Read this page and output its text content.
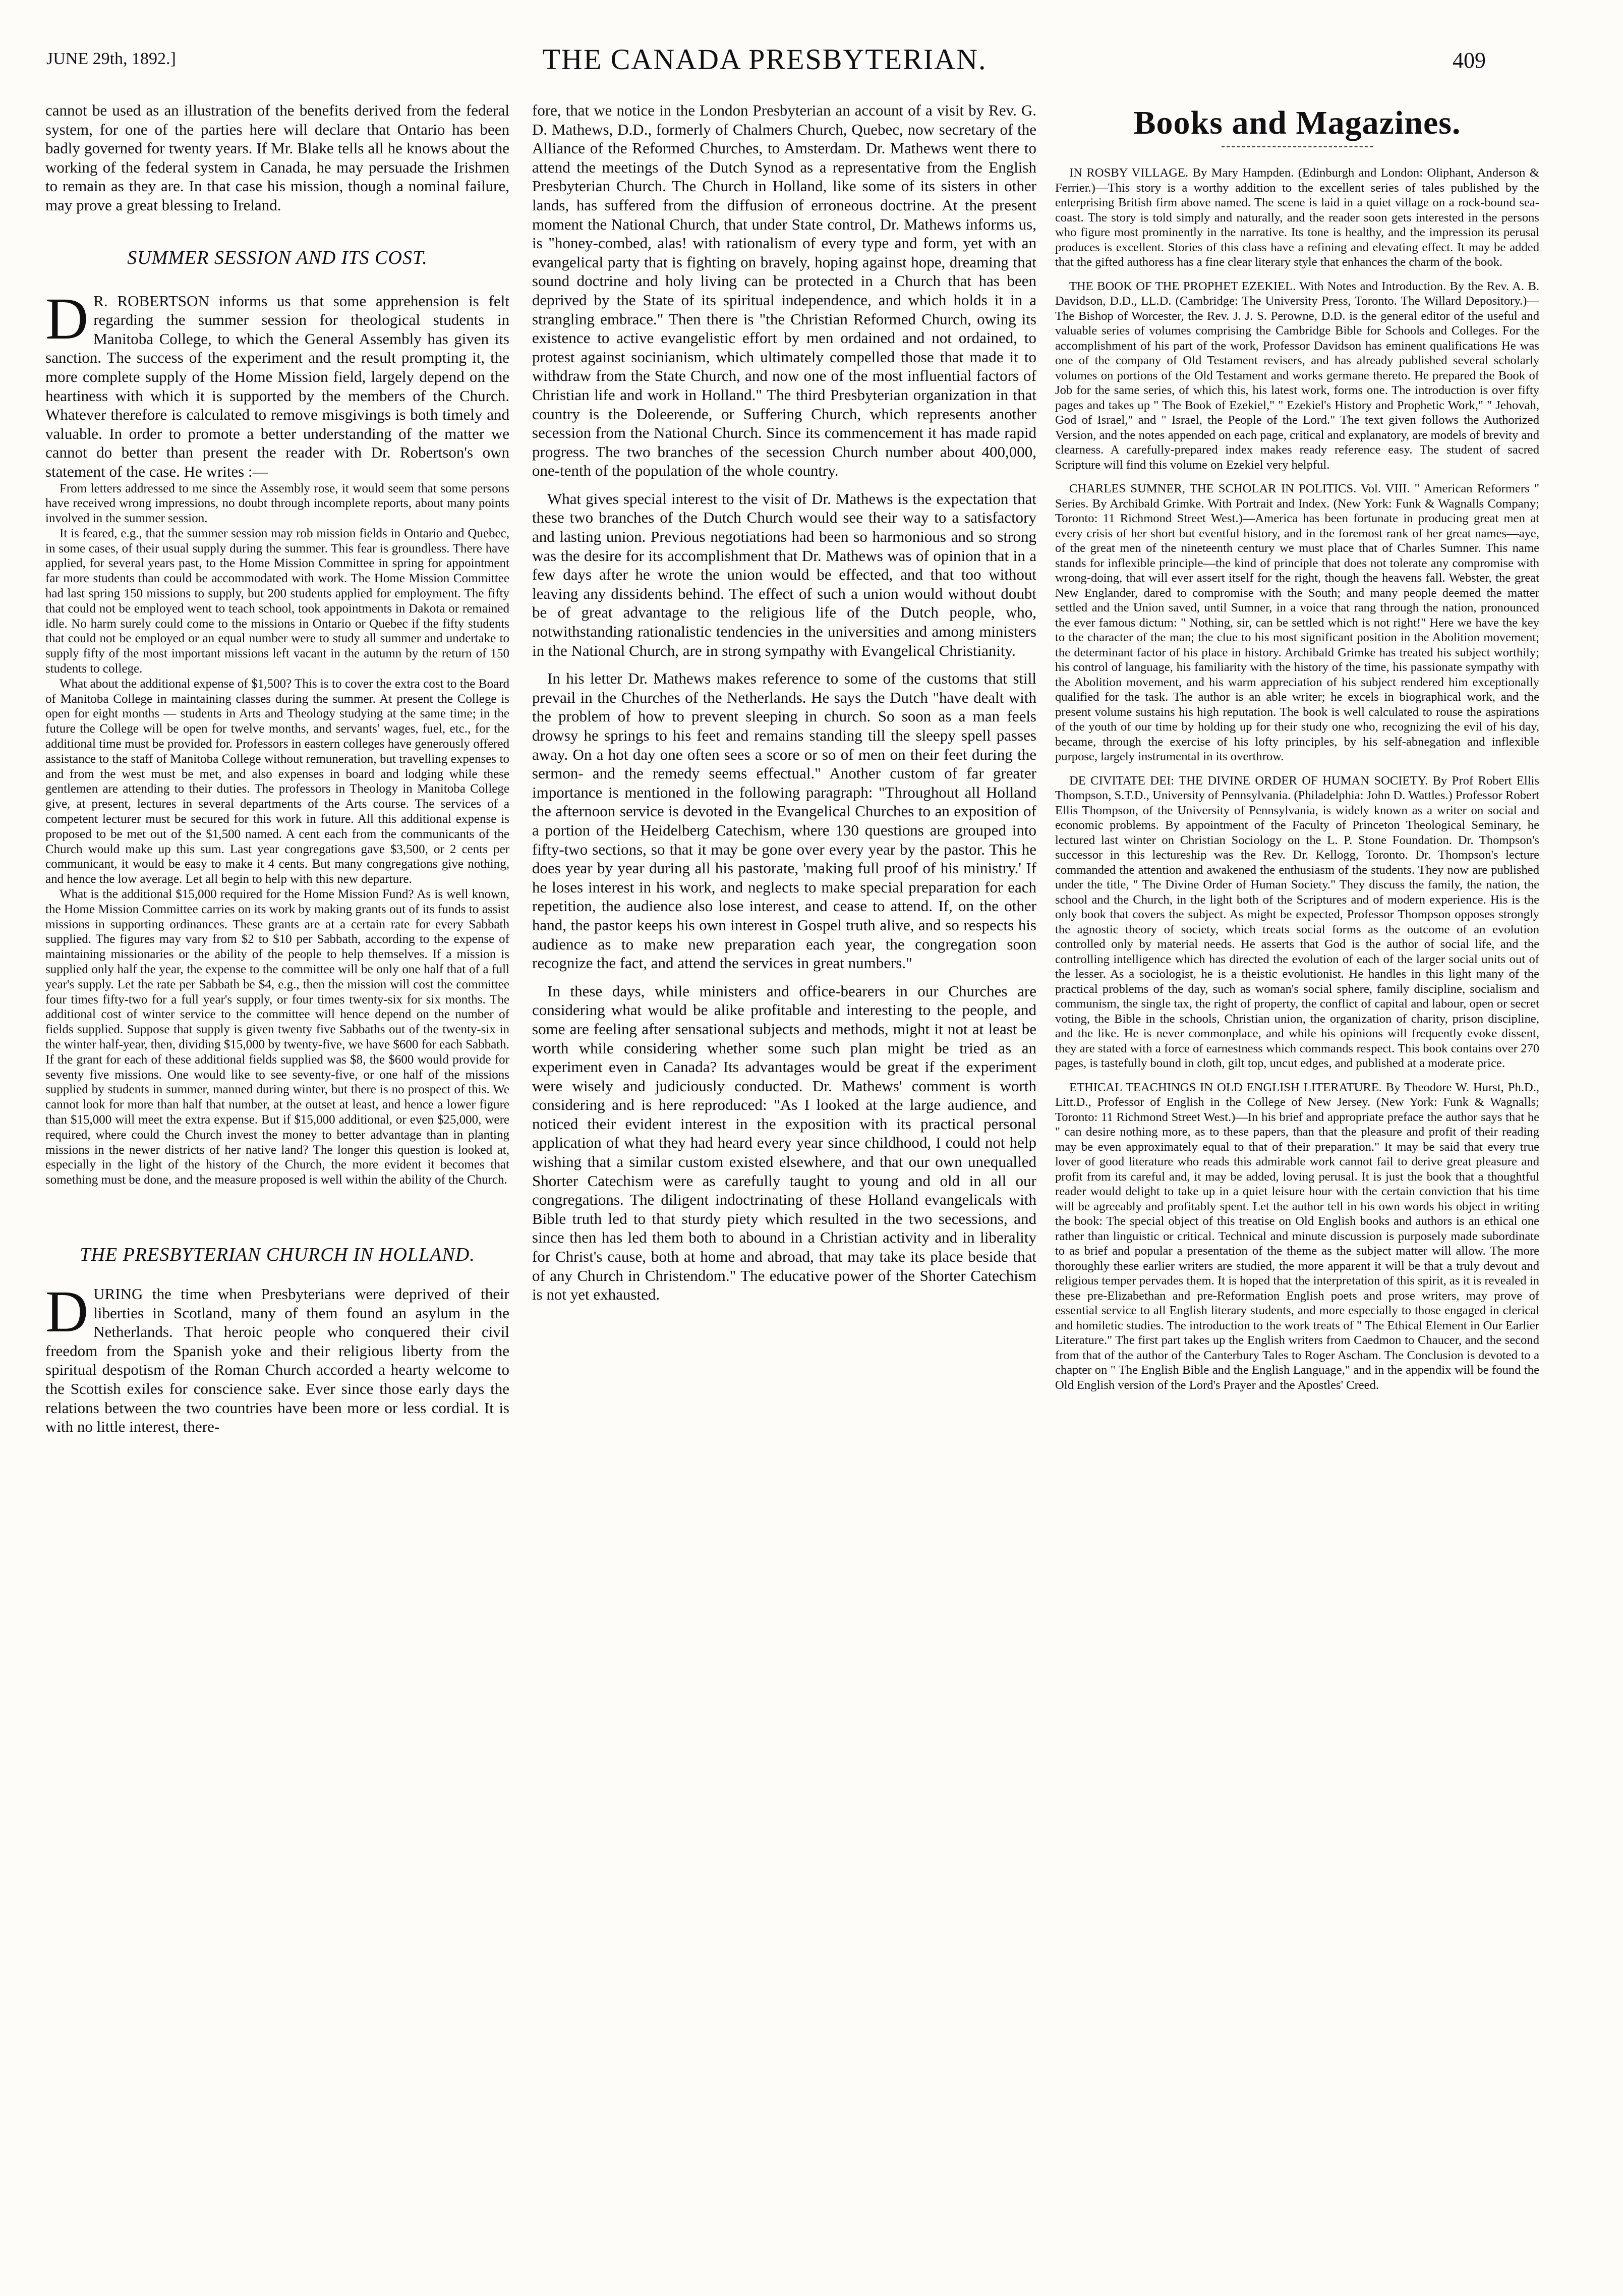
JUNE 29th, 1892.]	THE CANADA PRESBYTERIAN.	409

cannot be used as an illustration of the benefits derived from the federal system, for one of the parties here will declare that Ontario has been badly governed for twenty years. If Mr. Blake tells all he knows about the working of the federal system in Canada, he may persuade the Irishmen to remain as they are. In that case his mission, though a nominal failure, may prove a great blessing to Ireland.

SUMMER SESSION AND ITS COST.

D R. ROBERTSON informs us that some apprehension is felt regarding the summer session for theological students in Manitoba College, to which the General Assembly has given its sanction. The success of the experiment and the result prompting it, the more complete supply of the Home Mission field, largely depend on the heartiness with which it is supported by the members of the Church. Whatever therefore is calculated to remove misgivings is both timely and valuable. In order to promote a better understanding of the matter we cannot do better than present the reader with Dr. Robertson's own statement of the case. He writes :—

From letters addressed to me since the Assembly rose, it would seem that some persons have received wrong impressions, no doubt through incomplete reports, about many points involved in the summer session.

It is feared, e.g., that the summer session may rob mission fields in Ontario and Quebec, in some cases, of their usual supply during the summer. This fear is groundless. There have applied, for several years past, to the Home Mission Committee in spring for appointment far more students than could be accommodated with work. The Home Mission Committee had last spring 150 missions to supply, but 200 students applied for employment. The fifty that could not be employed went to teach school, took appointments in Dakota or remained idle. No harm surely could come to the missions in Ontario or Quebec if the fifty students that could not be employed or an equal number were to study all summer and undertake to supply fifty of the most important missions left vacant in the autumn by the return of 150 students to college.

What about the additional expense of $1,500? This is to cover the extra cost to the Board of Manitoba College in maintaining classes during the summer. At present the College is open for eight months — students in Arts and Theology studying at the same time; in the future the College will be open for twelve months, and servants' wages, fuel, etc., for the additional time must be provided for. Professors in eastern colleges have generously offered assistance to the staff of Manitoba College without remuneration, but travelling expenses to and from the west must be met, and also expenses in board and lodging while these gentlemen are attending to their duties. The professors in Theology in Manitoba College give, at present, lectures in several departments of the Arts course. The services of a competent lecturer must be secured for this work in future. All this additional expense is proposed to be met out of the $1,500 named. A cent each from the communicants of the Church would make up this sum. Last year congregations gave $3,500, or 2 cents per communicant, it would be easy to make it 4 cents. But many congregations give nothing, and hence the low average. Let all begin to help with this new departure.

What is the additional $15,000 required for the Home Mission Fund? As is well known, the Home Mission Committee carries on its work by making grants out of its funds to assist missions in supporting ordinances. These grants are at a certain rate for every Sabbath supplied. The figures may vary from $2 to $10 per Sabbath, according to the expense of maintaining missionaries or the ability of the people to help themselves. If a mission is supplied only half the year, the expense to the committee will be only one half that of a full year's supply. Let the rate per Sabbath be $4, e.g., then the mission will cost the committee four times fifty-two for a full year's supply, or four times twenty-six for six months. The additional cost of winter service to the committee will hence depend on the number of fields supplied. Suppose that supply is given twenty five Sabbaths out of the twenty-six in the winter half-year, then, dividing $15,000 by twenty-five, we have $600 for each Sabbath. If the grant for each of these additional fields supplied was $8, the $600 would provide for seventy five missions. One would like to see seventy-five, or one half of the missions supplied by students in summer, manned during winter, but there is no prospect of this. We cannot look for more than half that number, at the outset at least, and hence a lower figure than $15,000 will meet the extra expense. But if $15,000 additional, or even $25,000, were required, where could the Church invest the money to better advantage than in planting missions in the newer districts of her native land? The longer this question is looked at, especially in the light of the history of the Church, the more evident it becomes that something must be done, and the measure proposed is well within the ability of the Church.

THE PRESBYTERIAN CHURCH IN HOLLAND.

DURING the time when Presbyterians were deprived of their liberties in Scotland, many of them found an asylum in the Netherlands. That heroic people who conquered their civil freedom from the Spanish yoke and their religious liberty from the spiritual despotism of the Roman Church accorded a hearty welcome to the Scottish exiles for conscience sake. Ever since those early days the relations between the two countries have been more or less cordial. It is with no little interest, there-

fore, that we notice in the London Presbyterian an account of a visit by Rev. G. D. Mathews, D.D., formerly of Chalmers Church, Quebec, now secretary of the Alliance of the Reformed Churches, to Amsterdam. Dr. Mathews went there to attend the meetings of the Dutch Synod as a representative from the English Presbyterian Church. The Church in Holland, like some of its sisters in other lands, has suffered from the diffusion of erroneous doctrine. At the present moment the National Church, that under State control, Dr. Mathews informs us, is "honey-combed, alas! with rationalism of every type and form, yet with an evangelical party that is fighting on bravely, hoping against hope, dreaming that sound doctrine and holy living can be protected in a Church that has been deprived by the State of its spiritual independence, and which holds it in a strangling embrace." Then there is "the Christian Reformed Church, owing its existence to active evangelistic effort by men ordained and not ordained, to protest against socinianism, which ultimately compelled those that made it to withdraw from the State Church, and now one of the most influential factors of Christian life and work in Holland." The third Presbyterian organization in that country is the Doleerende, or Suffering Church, which represents another secession from the National Church. Since its commencement it has made rapid progress. The two branches of the secession Church number about 400,000, one-tenth of the population of the whole country.

What gives special interest to the visit of Dr. Mathews is the expectation that these two branches of the Dutch Church would see their way to a satisfactory and lasting union. Previous negotiations had been so harmonious and so strong was the desire for its accomplishment that Dr. Mathews was of opinion that in a few days after he wrote the union would be effected, and that too without leaving any dissidents behind. The effect of such a union would without doubt be of great advantage to the religious life of the Dutch people, who, notwithstanding rationalistic tendencies in the universities and among ministers in the National Church, are in strong sympathy with Evangelical Christianity.

In his letter Dr. Mathews makes reference to some of the customs that still prevail in the Churches of the Netherlands. He says the Dutch "have dealt with the problem of how to prevent sleeping in church. So soon as a man feels drowsy he springs to his feet and remains standing till the sleepy spell passes away. On a hot day one often sees a score or so of men on their feet during the sermon- and the remedy seems effectual." Another custom of far greater importance is mentioned in the following paragraph: "Throughout all Holland the afternoon service is devoted in the Evangelical Churches to an exposition of a portion of the Heidelberg Catechism, where 130 questions are grouped into fifty-two sections, so that it may be gone over every year by the pastor. This he does year by year during all his pastorate, 'making full proof of his ministry.' If he loses interest in his work, and neglects to make special preparation for each repetition, the audience also lose interest, and cease to attend. If, on the other hand, the pastor keeps his own interest in Gospel truth alive, and so respects his audience as to make new preparation each year, the congregation soon recognize the fact, and attend the services in great numbers."

In these days, while ministers and office-bearers in our Churches are considering what would be alike profitable and interesting to the people, and some are feeling after sensational subjects and methods, might it not at least be worth while considering whether some such plan might be tried as an experiment even in Canada? Its advantages would be great if the experiment were wisely and judiciously conducted. Dr. Mathews' comment is worth considering and is here reproduced: "As I looked at the large audience, and noticed their evident interest in the exposition with its practical personal application of what they had heard every year since childhood, I could not help wishing that a similar custom existed elsewhere, and that our own unequalled Shorter Catechism were as carefully taught to young and old in all our congregations. The diligent indoctrinating of these Holland evangelicals with Bible truth led to that sturdy piety which resulted in the two secessions, and since then has led them both to abound in a Christian activity and in liberality for Christ's cause, both at home and abroad, that may take its place beside that of any Church in Christendom." The educative power of the Shorter Catechism is not yet exhausted.

Books and Magazines.

IN ROSBY VILLAGE. By Mary Hampden. (Edinburgh and London: Oliphant, Anderson & Ferrier.)—This story is a worthy addition to the excellent series of tales published by the enterprising British firm above named. The scene is laid in a quiet village on a rock-bound sea-coast. The story is told simply and naturally, and the reader soon gets interested in the persons who figure most prominently in the narrative. Its tone is healthy, and the impression its perusal produces is excellent. Stories of this class have a refining and elevating effect. It may be added that the gifted authoress has a fine clear literary style that enhances the charm of the book.

THE BOOK OF THE PROPHET EZEKIEL. With Notes and Introduction. By the Rev. A. B. Davidson, D.D., LL.D. (Cambridge: The University Press, Toronto. The Willard Depository.)—The Bishop of Worcester, the Rev. J. J. S. Perowne, D.D. is the general editor of the useful and valuable series of volumes comprising the Cambridge Bible for Schools and Colleges. For the accomplishment of his part of the work, Professor Davidson has eminent qualifications He was one of the company of Old Testament revisers, and has already published several scholarly volumes on portions of the Old Testament and works germane thereto. He prepared the Book of Job for the same series, of which this, his latest work, forms one. The introduction is over fifty pages and takes up " The Book of Ezekiel," " Ezekiel's History and Prophetic Work," " Jehovah, God of Israel," and " Israel, the People of the Lord." The text given follows the Authorized Version, and the notes appended on each page, critical and explanatory, are models of brevity and clearness. A carefully-prepared index makes ready reference easy. The student of sacred Scripture will find this volume on Ezekiel very helpful.

CHARLES SUMNER, THE SCHOLAR IN POLITICS. Vol. VIII. " American Reformers " Series. By Archibald Grimke. With Portrait and Index. (New York: Funk & Wagnalls Company; Toronto: 11 Richmond Street West.)—America has been fortunate in producing great men at every crisis of her short but eventful history, and in the foremost rank of her great names—aye, of the great men of the nineteenth century we must place that of Charles Sumner. This name stands for inflexible principle—the kind of principle that does not tolerate any compromise with wrong-doing, that will ever assert itself for the right, though the heavens fall. Webster, the great New Englander, dared to compromise with the South; and many people deemed the matter settled and the Union saved, until Sumner, in a voice that rang through the nation, pronounced the ever famous dictum: " Nothing, sir, can be settled which is not right!" Here we have the key to the character of the man; the clue to his most significant position in the Abolition movement; the determinant factor of his place in history. Archibald Grimke has treated his subject worthily; his control of language, his familiarity with the history of the time, his passionate sympathy with the Abolition movement, and his warm appreciation of his subject rendered him exceptionally qualified for the task. The author is an able writer; he excels in biographical work, and the present volume sustains his high reputation. The book is well calculated to rouse the aspirations of the youth of our time by holding up for their study one who, recognizing the evil of his day, became, through the exercise of his lofty principles, by his self-abnegation and inflexible purpose, largely instrumental in its overthrow.

DE CIVITATE DEI: THE DIVINE ORDER OF HUMAN SOCIETY. By Prof Robert Ellis Thompson, S.T.D., University of Pennsylvania. (Philadelphia: John D. Wattles.) Professor Robert Ellis Thompson, of the University of Pennsylvania, is widely known as a writer on social and economic problems. By appointment of the Faculty of Princeton Theological Seminary, he lectured last winter on Christian Sociology on the L. P. Stone Foundation. Dr. Thompson's successor in this lectureship was the Rev. Dr. Kellogg, Toronto. Dr. Thompson's lecture commanded the attention and awakened the enthusiasm of the students. They now are published under the title, " The Divine Order of Human Society." They discuss the family, the nation, the school and the Church, in the light both of the Scriptures and of modern experience. His is the only book that covers the subject. As might be expected, Professor Thompson opposes strongly the agnostic theory of society, which treats social forms as the outcome of an evolution controlled only by material needs. He asserts that God is the author of social life, and the controlling intelligence which has directed the evolution of each of the larger social units out of the lesser. As a sociologist, he is a theistic evolutionist. He handles in this light many of the practical problems of the day, such as woman's social sphere, family discipline, socialism and communism, the single tax, the right of property, the conflict of capital and labour, open or secret voting, the Bible in the schools, Christian union, the organization of charity, prison discipline, and the like. He is never commonplace, and while his opinions will frequently evoke dissent, they are stated with a force of earnestness which commands respect. This book contains over 270 pages, is tastefully bound in cloth, gilt top, uncut edges, and published at a moderate price.

ETHICAL TEACHINGS IN OLD ENGLISH LITERATURE. By Theodore W. Hurst, Ph.D., Litt.D., Professor of English in the College of New Jersey. (New York: Funk & Wagnalls; Toronto: 11 Richmond Street West.)—In his brief and appropriate preface the author says that he " can desire nothing more, as to these papers, than that the pleasure and profit of their reading may be even approximately equal to that of their preparation." It may be said that every true lover of good literature who reads this admirable work cannot fail to derive great pleasure and profit from its careful and, it may be added, loving perusal. It is just the book that a thoughtful reader would delight to take up in a quiet leisure hour with the certain conviction that his time will be agreeably and profitably spent. Let the author tell in his own words his object in writing the book: The special object of this treatise on Old English books and authors is an ethical one rather than linguistic or critical. Technical and minute discussion is purposely made subordinate to as brief and popular a presentation of the theme as the subject matter will allow. The more thoroughly these earlier writers are studied, the more apparent it will be that a truly devout and religious temper pervades them. It is hoped that the interpretation of this spirit, as it is revealed in these pre-Elizabethan and pre-Reformation English poets and prose writers, may prove of essential service to all English literary students, and more especially to those engaged in clerical and homiletic studies. The introduction to the work treats of " The Ethical Element in Our Earlier Literature." The first part takes up the English writers from Caedmon to Chaucer, and the second from that of the author of the Canterbury Tales to Roger Ascham. The Conclusion is devoted to a chapter on " The English Bible and the English Language," and in the appendix will be found the Old English version of the Lord's Prayer and the Apostles' Creed.
